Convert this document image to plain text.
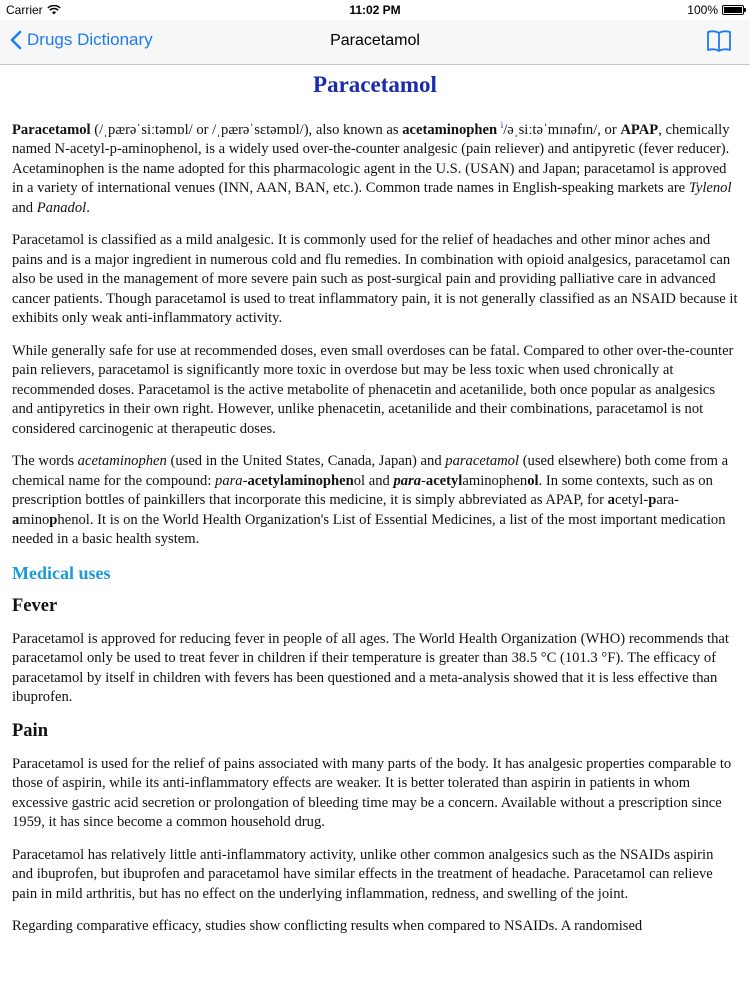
Carrier	11:02 PM	100%
Drugs Dictionary	Paracetamol
Paracetamol

Paracetamol (/ˌpærəˈsiːtəmɒl/ or /ˌpærəˈsɛtəmɒl/), also known as acetaminophen $^i$/əˌsiːtəˈmɪnəfɪn/, or APAP, chemically named N-acetyl-p-aminophenol, is a widely used over-the-counter analgesic (pain reliever) and antipyretic (fever reducer). Acetaminophen is the name adopted for this pharmacologic agent in the U.S. (USAN) and Japan; paracetamol is approved in a variety of international venues (INN, AAN, BAN, etc.). Common trade names in English-speaking markets are Tylenol and Panadol.

Paracetamol is classified as a mild analgesic. It is commonly used for the relief of headaches and other minor aches and pains and is a major ingredient in numerous cold and flu remedies. In combination with opioid analgesics, paracetamol can also be used in the management of more severe pain such as post-surgical pain and providing palliative care in advanced cancer patients. Though paracetamol is used to treat inflammatory pain, it is not generally classified as an NSAID because it exhibits only weak anti-inflammatory activity.

While generally safe for use at recommended doses, even small overdoses can be fatal. Compared to other over-the-counter pain relievers, paracetamol is significantly more toxic in overdose but may be less toxic when used chronically at recommended doses. Paracetamol is the active metabolite of phenacetin and acetanilide, both once popular as analgesics and antipyretics in their own right. However, unlike phenacetin, acetanilide and their combinations, paracetamol is not considered carcinogenic at therapeutic doses.

The words acetaminophen (used in the United States, Canada, Japan) and paracetamol (used elsewhere) both come from a chemical name for the compound: para-acetylaminophenol and para-acetylaminophenol. In some contexts, such as on prescription bottles of painkillers that incorporate this medicine, it is simply abbreviated as APAP, for acetyl-para-aminophenol. It is on the World Health Organization's List of Essential Medicines, a list of the most important medication needed in a basic health system.

Medical uses
Fever

Paracetamol is approved for reducing fever in people of all ages. The World Health Organization (WHO) recommends that paracetamol only be used to treat fever in children if their temperature is greater than 38.5 °C (101.3 °F). The efficacy of paracetamol by itself in children with fevers has been questioned and a meta-analysis showed that it is less effective than ibuprofen.

Pain

Paracetamol is used for the relief of pains associated with many parts of the body. It has analgesic properties comparable to those of aspirin, while its anti-inflammatory effects are weaker. It is better tolerated than aspirin in patients in whom excessive gastric acid secretion or prolongation of bleeding time may be a concern. Available without a prescription since 1959, it has since become a common household drug.

Paracetamol has relatively little anti-inflammatory activity, unlike other common analgesics such as the NSAIDs aspirin and ibuprofen, but ibuprofen and paracetamol have similar effects in the treatment of headache. Paracetamol can relieve pain in mild arthritis, but has no effect on the underlying inflammation, redness, and swelling of the joint.

Regarding comparative efficacy, studies show conflicting results when compared to NSAIDs. A randomised
